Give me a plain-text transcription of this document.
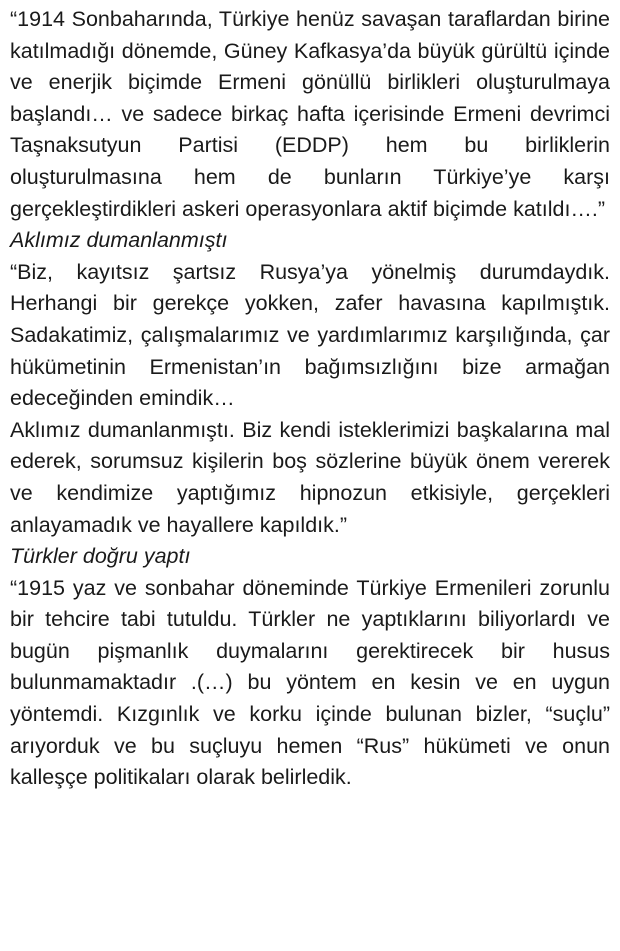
“1914 Sonbaharında, Türkiye henüz savaşan taraflardan birine katılmadığı dönemde, Güney Kafkasya’da büyük gürültü içinde ve enerjik biçimde Ermeni gönüllü birlikleri oluşturulmaya başlandı… ve sadece birkaç hafta içerisinde Ermeni devrimci Taşnaksutyun Partisi (EDDP) hem bu birliklerin oluşturulmasına hem de bunların Türkiye’ye karşı gerçekleştirdikleri askeri operasyonlara aktif biçimde katıldı….”

Aklımız dumanlanmıştı

“Biz, kayıtsız şartsız Rusya’ya yönelmiş durumdaydık. Herhangi bir gerekçe yokken, zafer havasına kapılmıştık. Sadakatimiz, çalışmalarımız ve yardımlarımız karşılığında, çar hükümetinin Ermenistan’ın bağımsızlığını bize armağan edeceğinden emindik…

Aklımız dumanlanmıştı. Biz kendi isteklerimizi başkalarına mal ederek, sorumsuz kişilerin boş sözlerine büyük önem vererek ve kendimize yaptığımız hipnozun etkisiyle, gerçekleri anlayamadık ve hayallere kapıldık.”

Türkler doğru yaptı

“1915 yaz ve sonbahar döneminde Türkiye Ermenileri zorunlu bir tehcire tabi tutuldu. Türkler ne yaptıklarını biliyorlardı ve bugün pişmanlık duymalarını gerektirecek bir husus bulunmamaktadır .(…) bu yöntem en kesin ve en uygun yöntemdi. Kızgınlık ve korku içinde bulunan bizler, “suçlu” arıyorduk ve bu suçluyu hemen “Rus” hükümeti ve onun kalleşçe politikaları olarak belirledik.
